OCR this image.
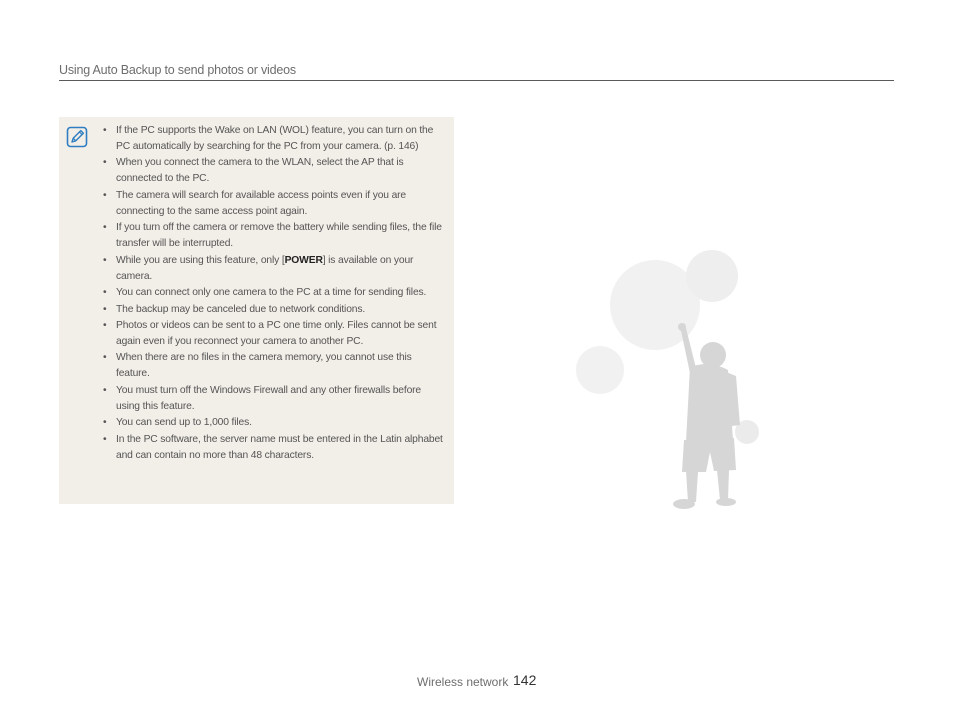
Using Auto Backup to send photos or videos
• If the PC supports the Wake on LAN (WOL) feature, you can turn on the PC automatically by searching for the PC from your camera. (p. 146)
• When you connect the camera to the WLAN, select the AP that is connected to the PC.
• The camera will search for available access points even if you are connecting to the same access point again.
• If you turn off the camera or remove the battery while sending files, the file transfer will be interrupted.
• While you are using this feature, only [POWER] is available on your camera.
• You can connect only one camera to the PC at a time for sending files.
• The backup may be canceled due to network conditions.
• Photos or videos can be sent to a PC one time only. Files cannot be sent again even if you reconnect your camera to another PC.
• When there are no files in the camera memory, you cannot use this feature.
• You must turn off the Windows Firewall and any other firewalls before using this feature.
• You can send up to 1,000 files.
• In the PC software, the server name must be entered in the Latin alphabet and can contain no more than 48 characters.
Wireless network 142
